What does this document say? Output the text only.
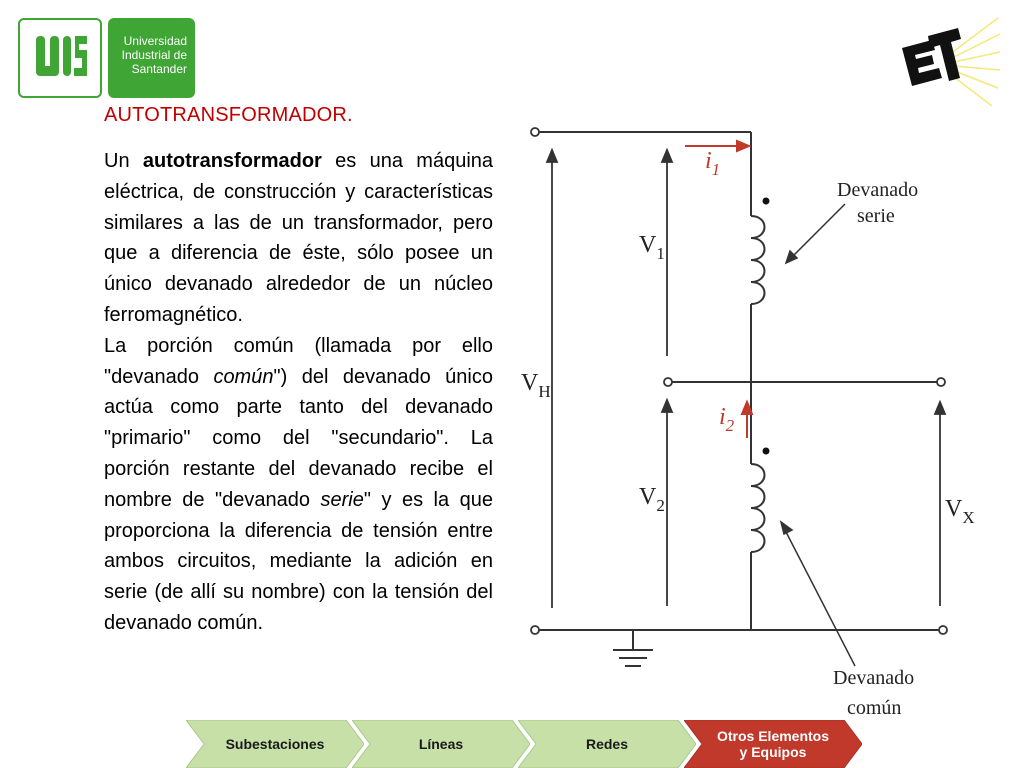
Universidad
Industrial de
Santander
AUTOTRANSFORMADOR.

Un autotransformador es una máquina eléctrica, de construcción y características similares a las de un transformador, pero que a diferencia de éste, sólo posee un único devanado alrededor de un núcleo ferromagnético.

La porción común (llamada por ello "devanado común") del devanado único actúa como parte tanto del devanado "primario" como del "secundario". La porción restante del devanado recibe el nombre de "devanado serie" y es la que proporciona la diferencia de tensión entre ambos circuitos, mediante la adición en serie (de allí su nombre) con la tensión del devanado común.

$V_H$
$V_1$
$V_2$	$V_X$
$i_1$
$i_2$
Devanado
serie
Devanado
común
Subestaciones	Líneas	Redes	Otros Elementos
y Equipos
